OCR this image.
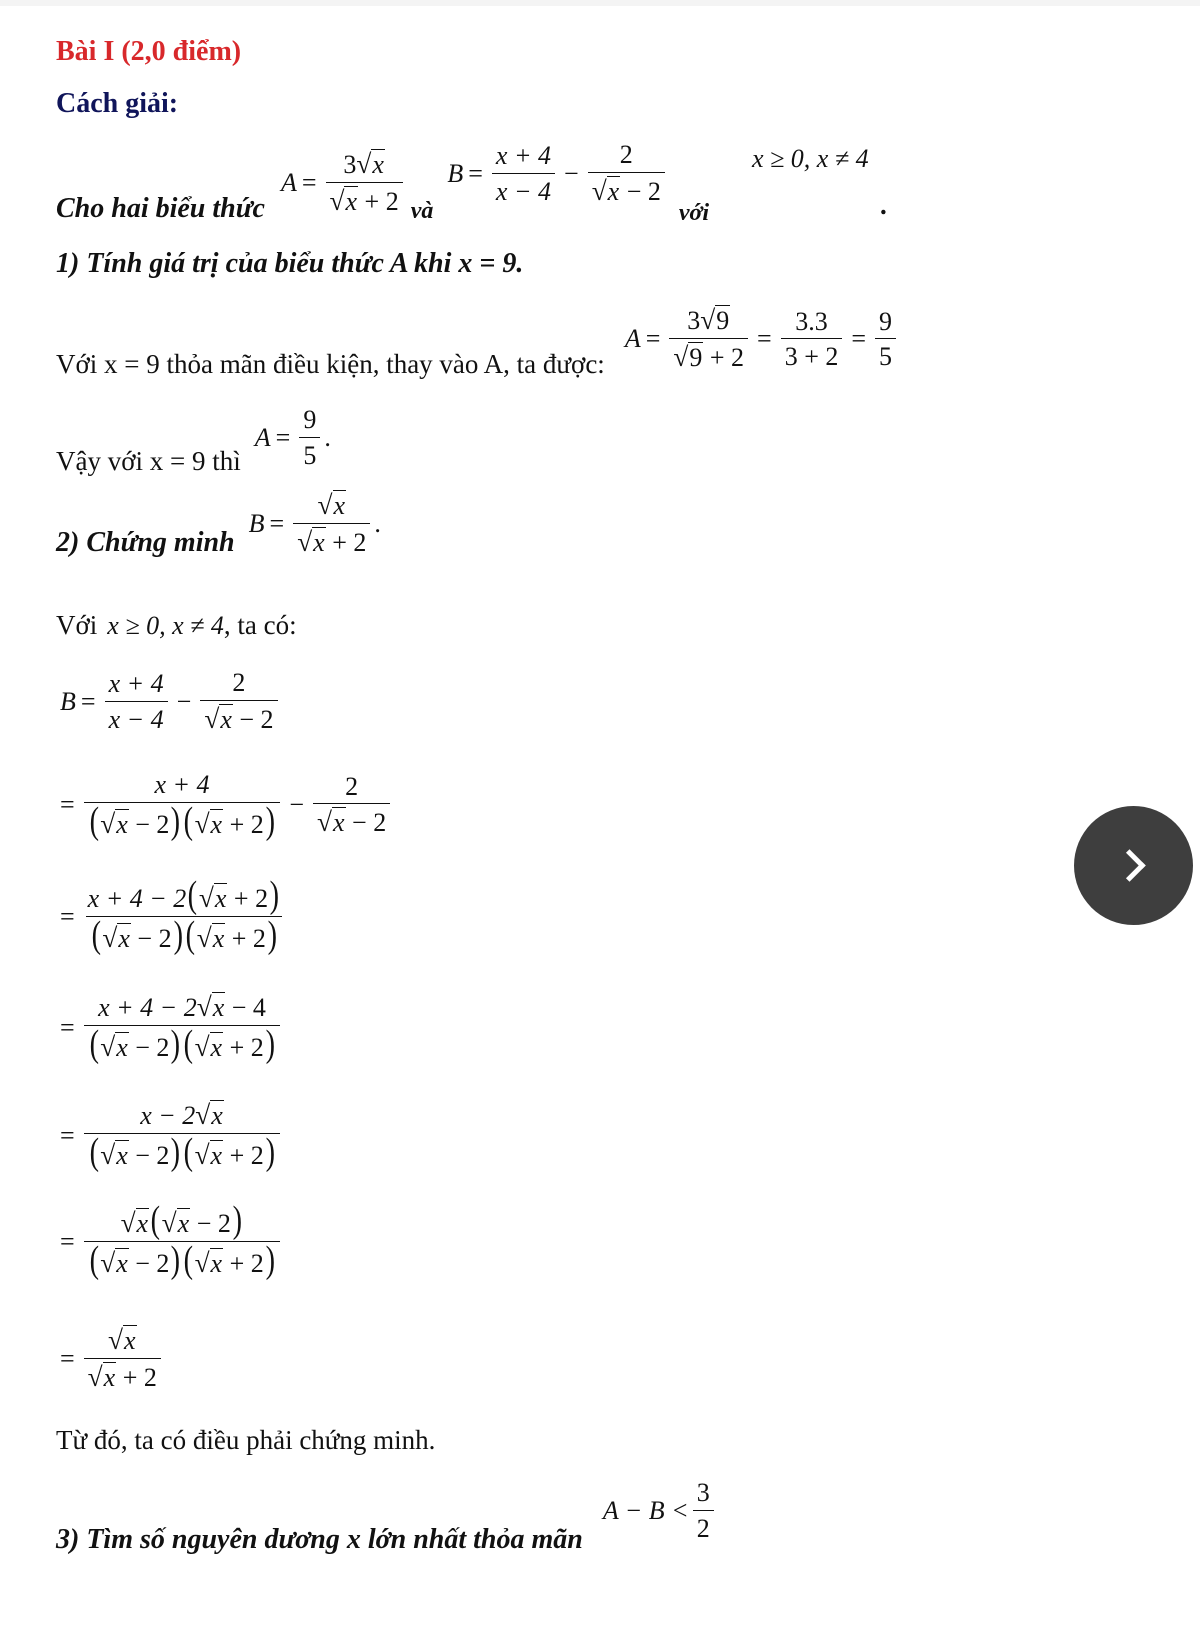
Bài I (2,0 điểm)
Cách giải:
Cho hai biểu thức
$A = \frac{3√x}{√x + 2}$ và
$B = \frac{x + 4}{x - 4} - \frac{2}{√x - 2}$
với
x ≥ 0, x ≠ 4
.
1) Tính giá trị của biểu thức A khi x = 9.
Với x = 9 thỏa mãn điều kiện, thay vào A, ta được:
$A = \frac{3√9}{√9 + 2} = \frac{3.3}{3 + 2} = \frac{9}{5}$
Vậy với x = 9 thì
$A = \frac{9}{5}$ .
2) Chứng minh
$B = \frac{√x}{√x + 2}$ .
Với x ≥ 0, x ≠ 4 , ta có:
$B = \frac{x + 4}{x - 4} - \frac{2}{√x - 2}$
= $\frac{x + 4}{(√x - 2)(√x + 2)} - \frac{2}{√x - 2}$
= $\frac{x + 4 - 2(√x + 2)}{(√x - 2)(√x + 2)}$
= $\frac{x + 4 - 2√x - 4}{(√x - 2)(√x + 2)}$
= $\frac{x - 2√x}{(√x - 2)(√x + 2)}$
= $\frac{√x(√x - 2)}{(√x - 2)(√x + 2)}$
= $\frac{√x}{√x + 2}$
Từ đó, ta có điều phải chứng minh.
3) Tìm số nguyên dương x lớn nhất thỏa mãn
$A - B < \frac{3}{2}$
